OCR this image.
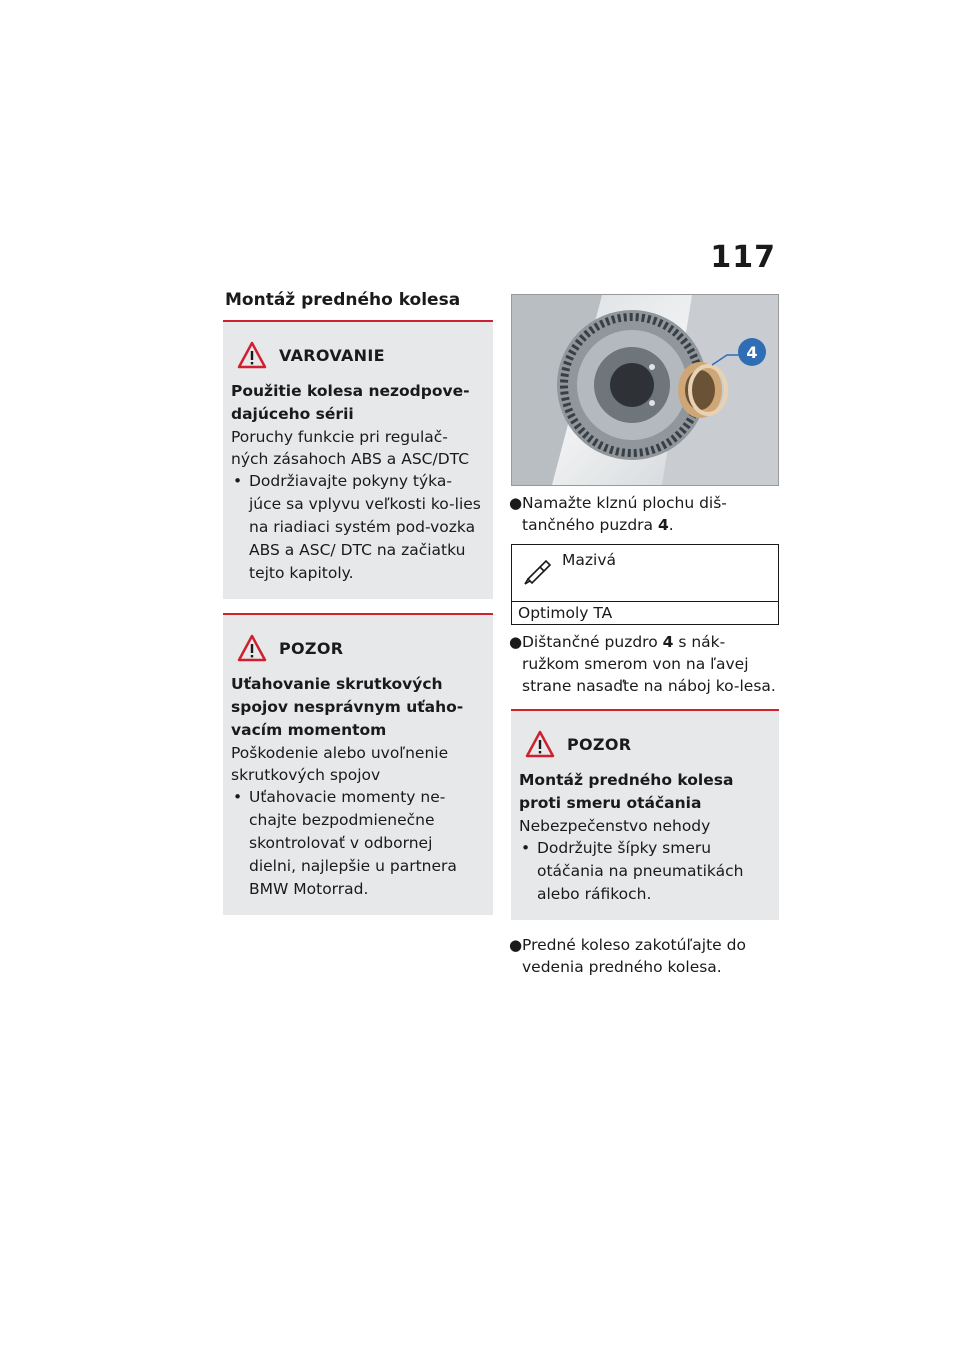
117
Montáž predného kolesa
VAROVANIE
Použitie kolesa nezodpove-dajúceho sérii
Poruchy funkcie pri regulač-ných zásahoch ABS a ASC/DTC
• Dodržiavajte pokyny týka-júce sa vplyvu veľkosti ko-lies na riadiaci systém pod-vozka ABS a ASC/ DTC na začiatku tejto kapitoly.
POZOR
Uťahovanie skrutkových spojov nesprávnym uťaho-vacím momentom
Poškodenie alebo uvoľnenie skrutkových spojov
• Uťahovacie momenty ne-chajte bezpodmienečne skontrolovať v odbornej dielni, najlepšie u partnera BMW Motorrad.
4
● Namažte klznú plochu diš-tančného puzdra 4.
Mazivá
Optimoly TA
● Dištančné puzdro 4 s nák-ružkom smerom von na ľavej strane nasaďte na náboj ko-lesa.
POZOR
Montáž predného kolesa proti smeru otáčania
Nebezpečenstvo nehody
• Dodržujte šípky smeru otáčania na pneumatikách alebo ráfikoch.
● Predné koleso zakotúľajte do vedenia predného kolesa.
